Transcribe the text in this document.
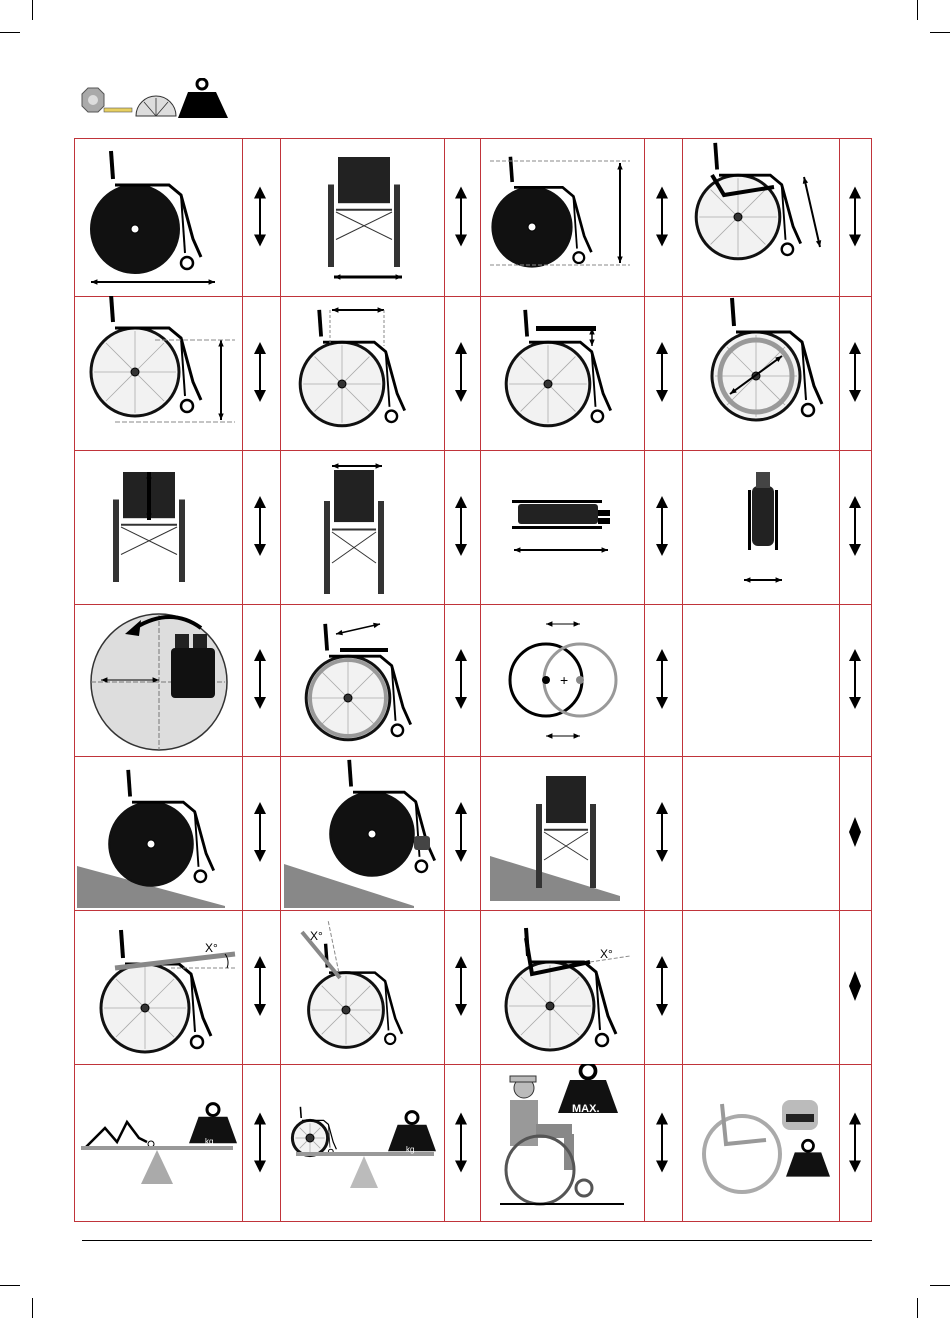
+
X°
X°
X°
kg
kg
MAX.
